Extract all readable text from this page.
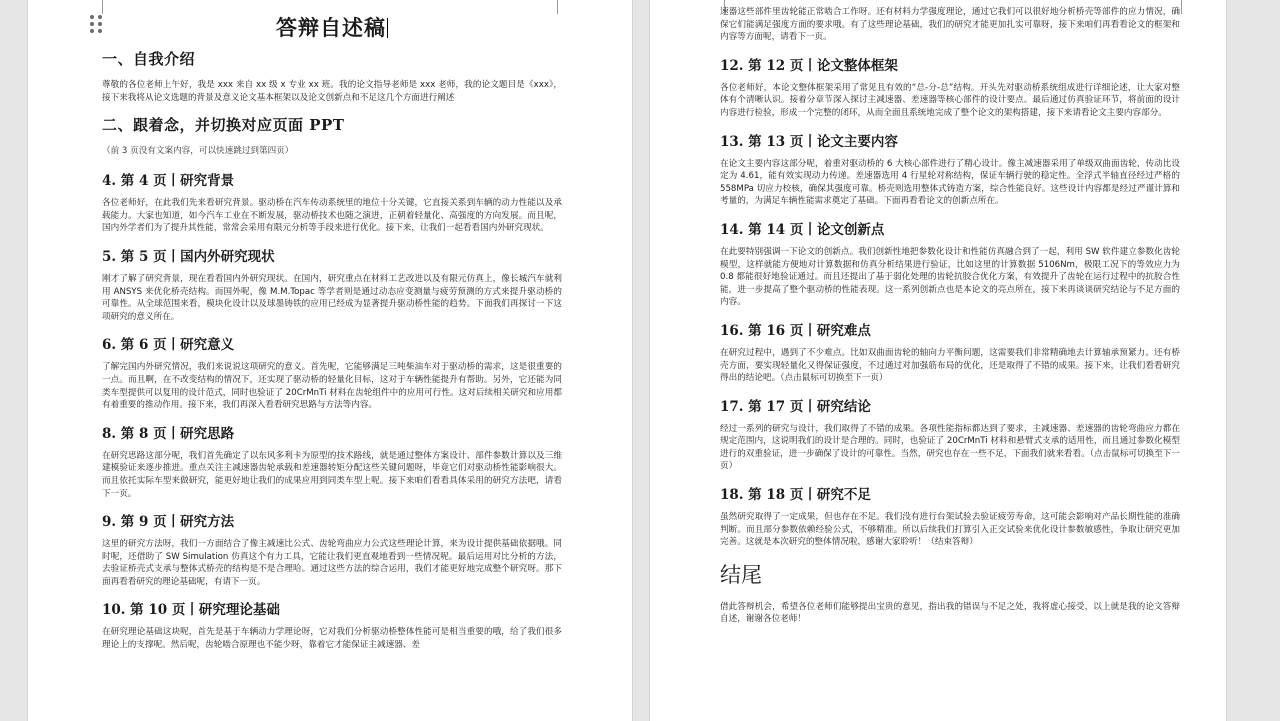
答辩自述稿
一、自我介绍

尊敬的各位老师上午好，我是 xxx 来自 xx 级 x 专业 xx 班。我的论文指导老师是 xxx 老师，我的论文题目是《xxx》，接下来我将从论文选题的背景及意义论文基本框架以及论文创新点和不足这几个方面进行阐述

二、跟着念，并切换对应页面 PPT

（前 3 页没有文案内容，可以快速跳过到第四页）

4. 第 4 页丨研究背景

各位老师好，在此我们先来看研究背景。驱动桥在汽车传动系统里的地位十分关键，它直接关系到车辆的动力性能以及承载能力。大家也知道，如今汽车工业在不断发展，驱动桥技术也随之演进，正朝着轻量化、高强度的方向发展。而且呢，国内外学者们为了提升其性能，常常会采用有限元分析等手段来进行优化。接下来，让我们一起看看国内外研究现状。

5. 第 5 页丨国内外研究现状

刚才了解了研究背景，现在看看国内外研究现状。在国内，研究重点在材料工艺改进以及有限元仿真上，像长城汽车就利用 ANSYS 来优化桥壳结构。而国外呢，像 M.M.Topac 等学者则是通过动态应变测量与疲劳预测的方式来提升驱动桥的可靠性。从全球范围来看，模块化设计以及球墨铸铁的应用已经成为显著提升驱动桥性能的趋势。下面我们再探讨一下这项研究的意义所在。

6. 第 6 页丨研究意义

了解完国内外研究情况，我们来说说这项研究的意义。首先呢，它能够满足三吨柴油车对于驱动桥的需求，这是很重要的一点。而且啊，在不改变结构的情况下，还实现了驱动桥的轻量化目标，这对于车辆性能提升有帮助。另外，它还能为同类车型提供可以复用的设计范式，同时也验证了 20CrMnTi 材料在齿轮组件中的应用可行性。这对后续相关研究和应用都有着重要的推动作用。接下来，我们再深入看看研究思路与方法等内容。

8. 第 8 页丨研究思路

在研究思路这部分呢，我们首先确定了以东风多利卡为原型的技术路线，就是通过整体方案设计、部件参数计算以及三维建模验证来逐步推进。重点关注主减速器齿轮承载和差速器转矩分配这些关键问题呀，毕竟它们对驱动桥性能影响很大。而且依托实际车型来做研究，能更好地让我们的成果应用到同类车型上呢。接下来咱们看看具体采用的研究方法吧，请看下一页。

9. 第 9 页丨研究方法

这里的研究方法呀，我们一方面结合了像主减速比公式、齿轮弯曲应力公式这些理论计算，来为设计提供基础依据哦。同时呢，还借助了 SW Simulation 仿真这个有力工具，它能让我们更直观地看到一些情况呢。最后运用对比分析的方法，去验证桥壳式支承与整体式桥壳的结构是不是合理哈。通过这些方法的综合运用，我们才能更好地完成整个研究呀。那下面再看看研究的理论基础呢，有请下一页。

10. 第 10 页丨研究理论基础

在研究理论基础这块呢，首先是基于车辆动力学理论呀，它对我们分析驱动桥整体性能可是相当重要的哦，给了我们很多理论上的支撑呢。然后呢，齿轮啮合原理也不能少呀，靠着它才能保证主减速器、差

速器这些部件里齿轮能正常啮合工作呀。还有材料力学强度理论，通过它我们可以很好地分析桥壳等部件的应力情况，确保它们能满足强度方面的要求哦。有了这些理论基础，我们的研究才能更加扎实可靠呀，接下来咱们再看看论文的框架和内容等方面呢，请看下一页。

12. 第 12 页丨论文整体框架

各位老师好，本论文整体框架采用了常见且有效的“总-分-总”结构。开头先对驱动桥系统组成进行详细论述，让大家对整体有个清晰认识。接着分章节深入探讨主减速器、差速器等核心部件的设计要点。最后通过仿真验证环节，将前面的设计内容进行检验，形成一个完整的闭环，从而全面且系统地完成了整个论文的架构搭建，接下来请看论文主要内容部分。

13. 第 13 页丨论文主要内容

在论文主要内容这部分呢，着重对驱动桥的 6 大核心部件进行了精心设计。像主减速器采用了单级双曲面齿轮，传动比设定为 4.61，能有效实现动力传递。差速器选用 4 行星轮对称结构，保证车辆行驶的稳定性。全浮式半轴直径经过严格的 558MPa 切应力校核，确保其强度可靠。桥壳则选用整体式铸造方案，综合性能良好。这些设计内容都是经过严谨计算和考量的，为满足车辆性能需求奠定了基础。下面再看看论文的创新点所在。

14. 第 14 页丨论文创新点

在此要特别强调一下论文的创新点。我们创新性地把参数化设计和性能仿真融合到了一起，利用 SW 软件建立参数化齿轮模型，这样就能方便地对计算数据和仿真分析结果进行验证，比如这里的计算数据 5106Nm，极限工况下的等效应力为 0.8 都能很好地验证通过。而且还提出了基于弱化处理的齿轮抗胶合优化方案，有效提升了齿轮在运行过程中的抗胶合性能，进一步提高了整个驱动桥的性能表现。这一系列创新点也是本论文的亮点所在，接下来再谈谈研究结论与不足方面的内容。

16. 第 16 页丨研究难点

在研究过程中，遇到了不少难点。比如双曲面齿轮的轴向力平衡问题，这需要我们非常精确地去计算轴承预紧力。还有桥壳方面，要实现轻量化又得保证强度，不过通过对加强筋布局的优化，还是取得了不错的成果。接下来，让我们看看研究得出的结论吧。（点击鼠标可切换至下一页）

17. 第 17 页丨研究结论

经过一系列的研究与设计，我们取得了不错的成果。各项性能指标都达到了要求，主减速器、差速器的齿轮弯曲应力都在规定范围内，这说明我们的设计是合理的。同时，也验证了 20CrMnTi 材料和悬臂式支承的适用性，而且通过参数化模型进行的双重验证，进一步确保了设计的可靠性。当然，研究也存在一些不足，下面我们就来看看。（点击鼠标可切换至下一页）

18. 第 18 页丨研究不足

虽然研究取得了一定成果，但也存在不足。我们没有进行台架试验去验证疲劳寿命，这可能会影响对产品长期性能的准确判断。而且部分参数依赖经验公式，不够精准。所以后续我们打算引入正交试验来优化设计参数敏感性，争取让研究更加完善。这就是本次研究的整体情况啦，感谢大家聆听！（结束答辩）

结尾

借此答辩机会，希望各位老师们能够提出宝贵的意见，指出我的错误与不足之处，我将虚心接受，以上就是我的论文答辩自述，谢谢各位老师！
